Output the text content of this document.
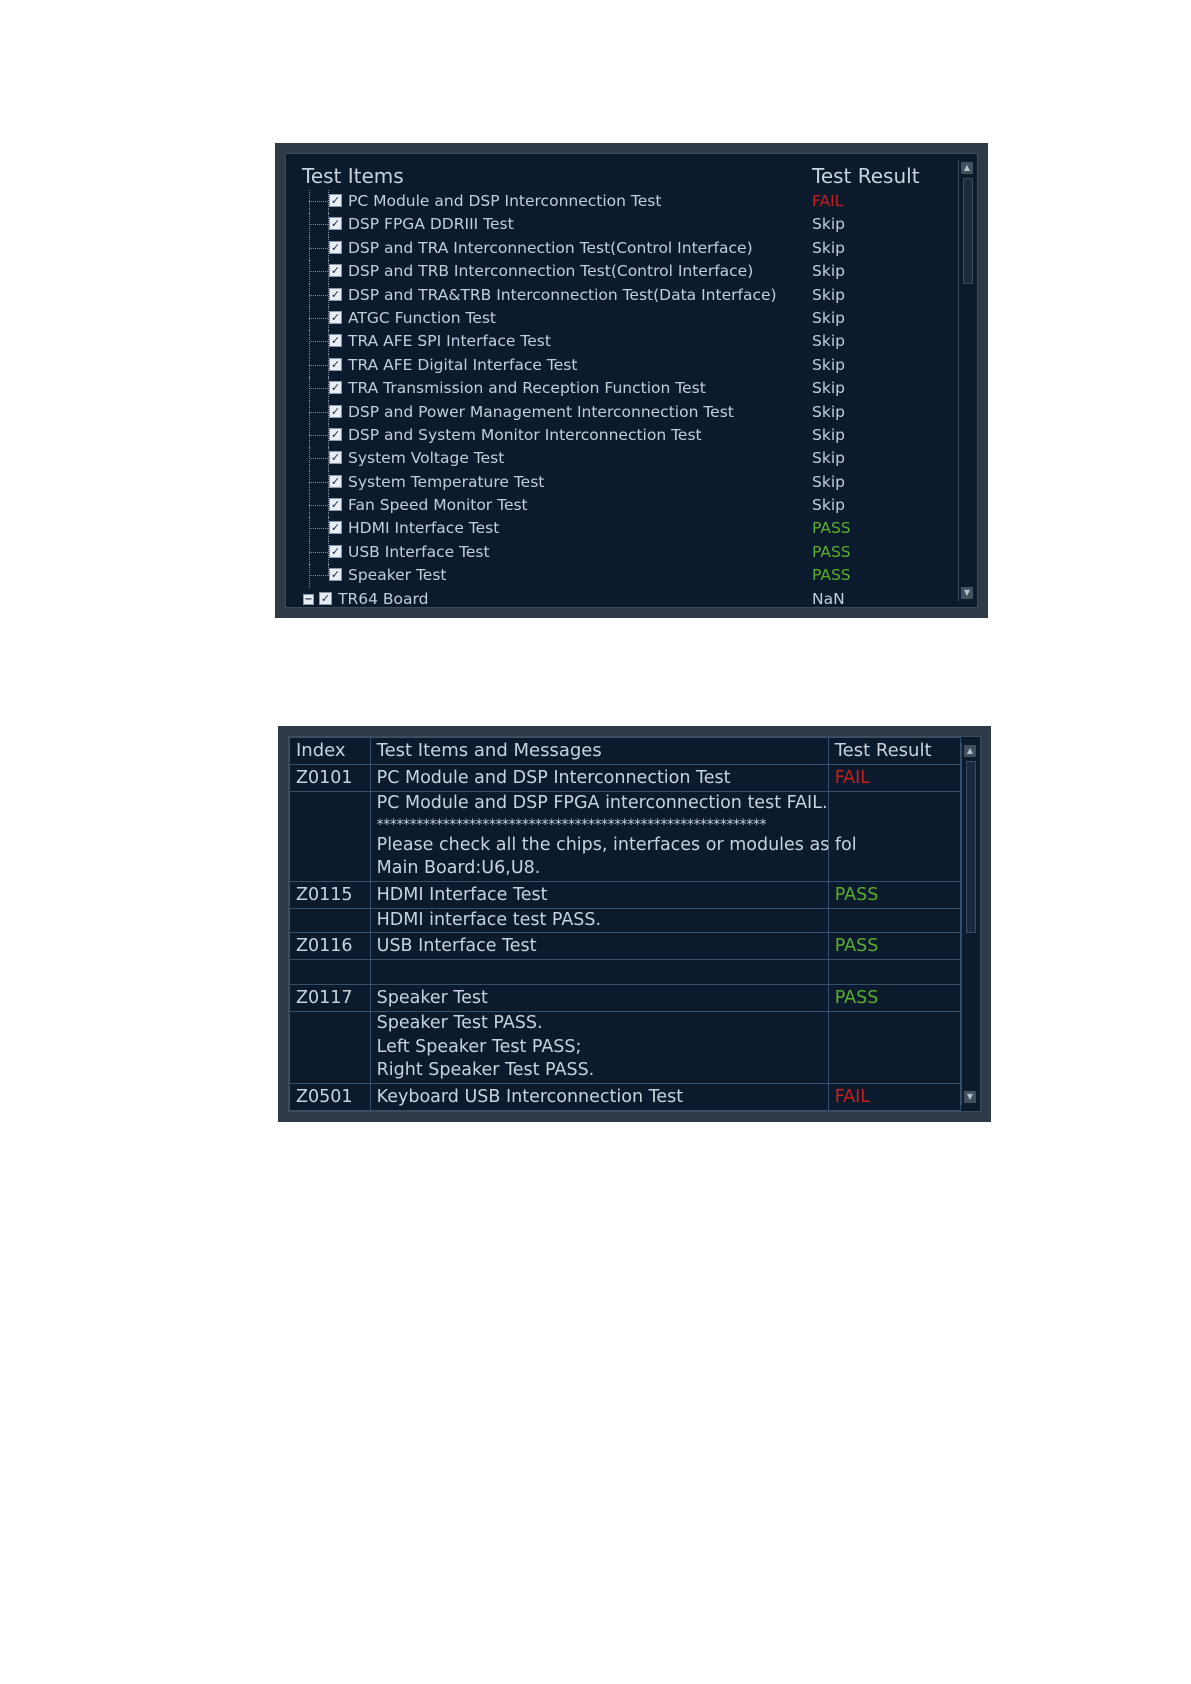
Test Items	Test Result
✓ PC Module and DSP Interconnection Test	FAIL
✓ DSP FPGA DDRIII Test	Skip
✓ DSP and TRA Interconnection Test(Control Interface)	Skip
✓ DSP and TRB Interconnection Test(Control Interface)	Skip
✓ DSP and TRA&TRB Interconnection Test(Data Interface) Skip
✓ ATGC Function Test	Skip
✓ TRA AFE SPI Interface Test	Skip
✓ TRA AFE Digital Interface Test	Skip
✓ TRA Transmission and Reception Function Test	Skip
✓ DSP and Power Management Interconnection Test	Skip
✓ DSP and System Monitor Interconnection Test	Skip
✓ System Voltage Test	Skip
✓ System Temperature Test	Skip
✓ Fan Speed Monitor Test	Skip
✓ HDMI Interface Test	PASS
✓ USB Interface Test	PASS
✓ Speaker Test	PASS
− ✓ TR64 Board	NaN
▲
▼
Index	Test Items and Messages	Test Result
Z0101	PC Module and DSP Interconnection Test	FAIL

	PC Module and DSP FPGA interconnection test FAIL.
***********************************************************
Please check all the chips, interfaces or modules as fol
Main Board:U6,U8.	

Z0115	HDMI Interface Test	PASS

	HDMI interface test PASS.	

Z0116	USB Interface Test	PASS

Z0117	Speaker Test	PASS

	Speaker Test PASS.
Left Speaker Test PASS;
Right Speaker Test PASS.	

Z0501	Keyboard USB Interconnection Test	FAIL
▲
▼
